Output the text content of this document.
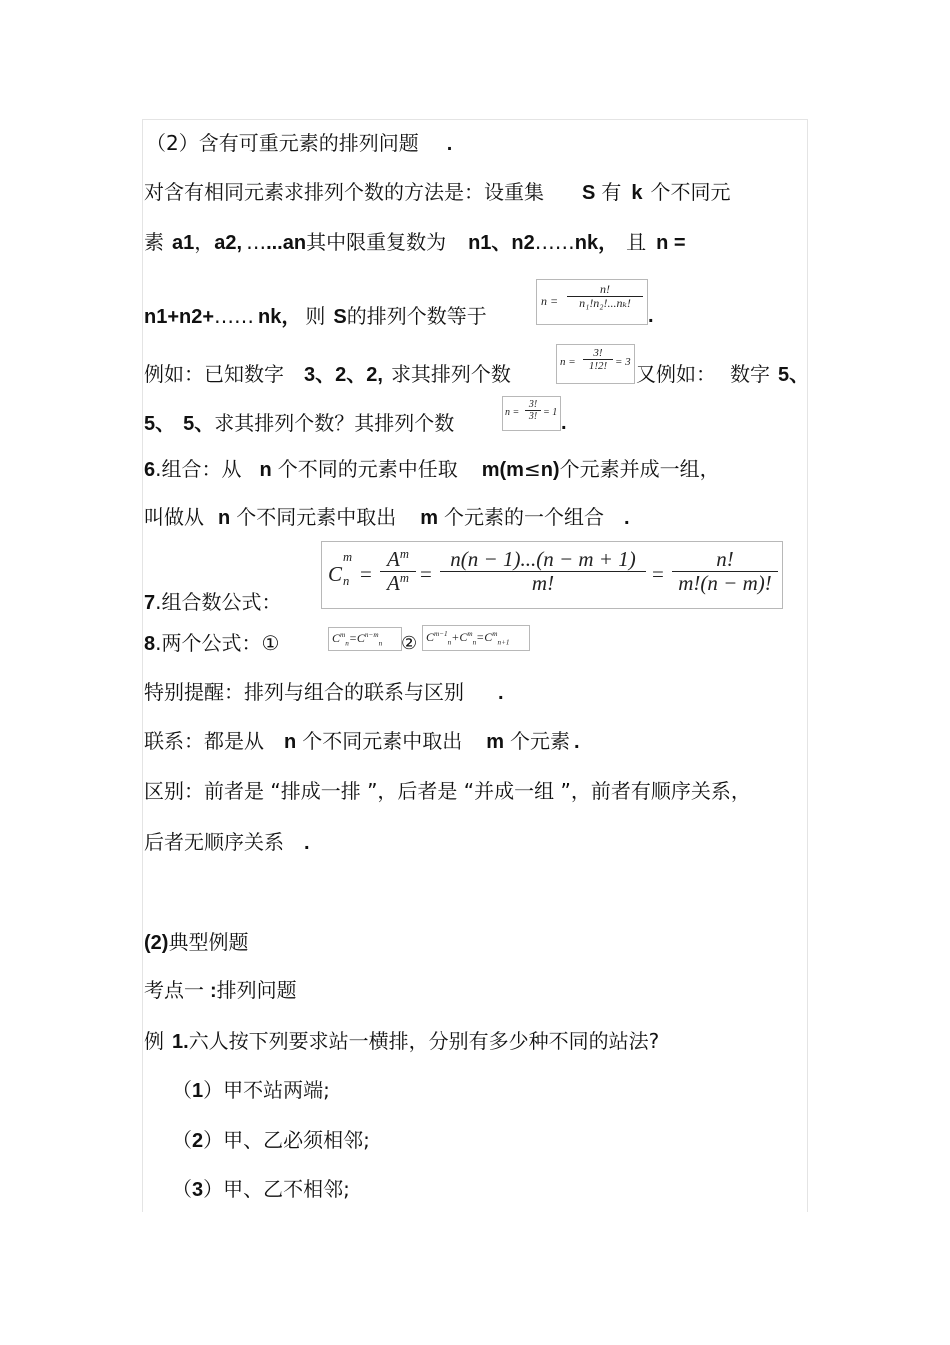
（2）含有可重元素的排列问题 .
对含有相同元素求排列个数的方法是：设重集 S 有 k 个不同元
素 a1，a2, …...an其中限重复数为 n1、n2……nk， 且 n =
n1+n2+…… nk， 则 S的排列个数等于
$n = \frac{n!}{\text{n₁!n₂!...nₖ!}}$
.
例如：已知数字 3、2、2, 求其排列个数	$n = \frac{3!}{1!2!} = 3$ 又例如： 数字 5、
5、 5、求其排列个数？其排列个数	$n = \frac{3!}{3!} = 1$ .
6.组合：从 n 个不同的元素中任取 m(m≤n)个元素并成一组，
叫做从 n 个不同元素中取出 m 个元素的一个组合 .
7.组合数公式：
C
m
$n = \frac{A^m}{A^m} = \frac{n(n - 1)...(n - m + 1)}{m!} = \frac{n!}{m!(n - m)!}$
8.两个公式：①	$C^m_n=C^{n-m}_n$ ② $C^{m-1}_n+C^m_n=C^m_{n+1}$
特别提醒：排列与组合的联系与区别 .
联系：都是从 n 个不同元素中取出 m 个元素 .
区别：前者是 “排成一排 ”，后者是 “并成一组 ”，前者有顺序关系，
后者无顺序关系 .
(2)典型例题
考点一 :排列问题
例 1.六人按下列要求站一横排，分别有多少种不同的站法?
（1）甲不站两端;
（2）甲、乙必须相邻;
（3）甲、乙不相邻;
